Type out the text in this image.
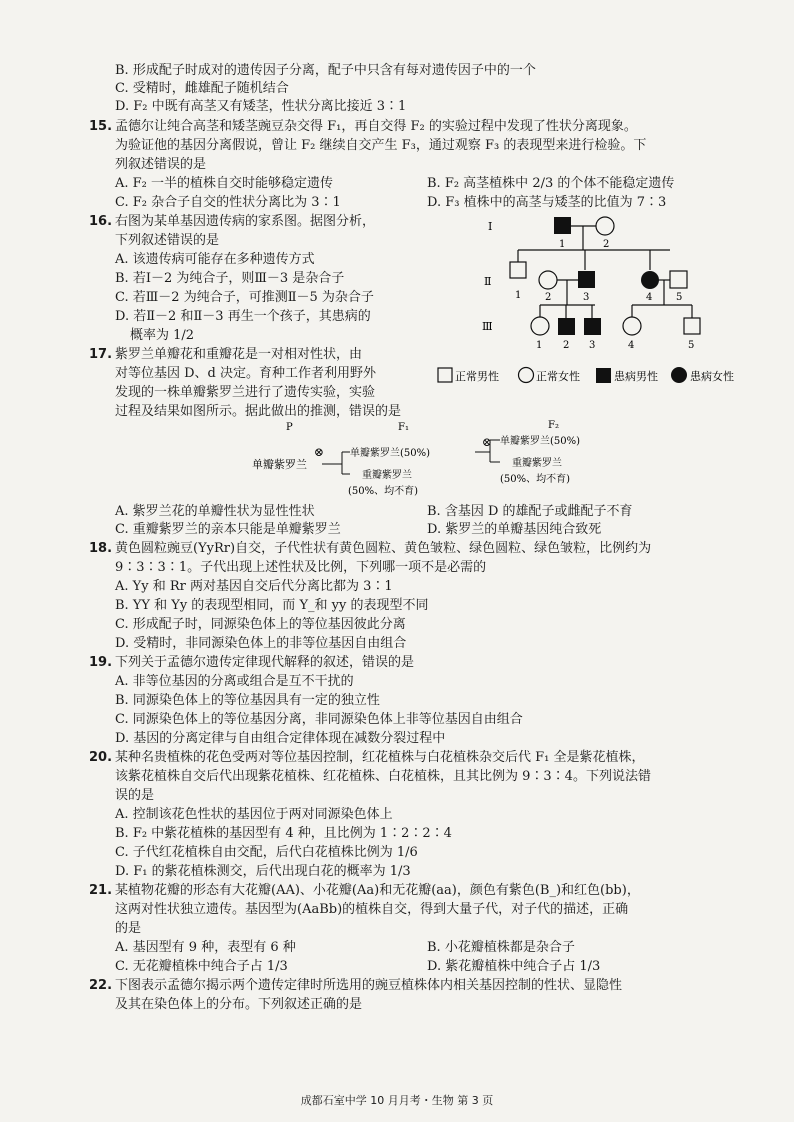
B. 形成配子时成对的遗传因子分离，配子中只含有每对遗传因子中的一个
C. 受精时，雌雄配子随机结合
D. F₂ 中既有高茎又有矮茎，性状分离比接近 3∶1
15. 孟德尔让纯合高茎和矮茎豌豆杂交得 F₁，再自交得 F₂ 的实验过程中发现了性状分离现象。
为验证他的基因分离假说，曾让 F₂ 继续自交产生 F₃，通过观察 F₃ 的表现型来进行检验。下
列叙述错误的是
A. F₂ 一半的植株自交时能够稳定遗传	B. F₂ 高茎植株中 2/3 的个体不能稳定遗传
C. F₂ 杂合子自交的性状分离比为 3∶1	D. F₃ 植株中的高茎与矮茎的比值为 7∶3
16. 右图为某单基因遗传病的家系图。据图分析，
下列叙述错误的是
A. 该遗传病可能存在多种遗传方式
B. 若Ⅰ－2 为纯合子，则Ⅲ－3 是杂合子
C. 若Ⅲ－2 为纯合子，可推测Ⅱ－5 为杂合子
D. 若Ⅱ－2 和Ⅱ－3 再生一个孩子，其患病的
概率为 1/2
Ⅰ
Ⅱ
Ⅲ
1	2
1 2	3	4 5
1 2 3	4	5
正常男性	正常女性	患病男性	患病女性
17. 紫罗兰单瓣花和重瓣花是一对相对性状，由
对等位基因 D、d 决定。育种工作者利用野外
发现的一株单瓣紫罗兰进行了遗传实验，实验
过程及结果如图所示。据此做出的推测，错误的是
P	F₁	F₂
单瓣紫罗兰
⊗
⊗
单瓣紫罗兰(50%)
重瓣紫罗兰
(50%、均不育)
单瓣紫罗兰(50%)
重瓣紫罗兰
(50%、均不育)
A. 紫罗兰花的单瓣性状为显性性状	B. 含基因 D 的雄配子或雌配子不育
C. 重瓣紫罗兰的亲本只能是单瓣紫罗兰	D. 紫罗兰的单瓣基因纯合致死
18. 黄色圆粒豌豆(YyRr)自交，子代性状有黄色圆粒、黄色皱粒、绿色圆粒、绿色皱粒，比例约为
9∶3∶3∶1。子代出现上述性状及比例，下列哪一项不是必需的
A. Yy 和 Rr 两对基因自交后代分离比都为 3∶1
B. YY 和 Yy 的表现型相同，而 Y_和 yy 的表现型不同
C. 形成配子时，同源染色体上的等位基因彼此分离
D. 受精时，非同源染色体上的非等位基因自由组合
19. 下列关于孟德尔遗传定律现代解释的叙述，错误的是
A. 非等位基因的分离或组合是互不干扰的
B. 同源染色体上的等位基因具有一定的独立性
C. 同源染色体上的等位基因分离，非同源染色体上非等位基因自由组合
D. 基因的分离定律与自由组合定律体现在减数分裂过程中
20. 某种名贵植株的花色受两对等位基因控制，红花植株与白花植株杂交后代 F₁ 全是紫花植株，
该紫花植株自交后代出现紫花植株、红花植株、白花植株，且其比例为 9∶3∶4。下列说法错
误的是
A. 控制该花色性状的基因位于两对同源染色体上
B. F₂ 中紫花植株的基因型有 4 种，且比例为 1∶2∶2∶4
C. 子代红花植株自由交配，后代白花植株比例为 1/6
D. F₁ 的紫花植株测交，后代出现白花的概率为 1/3
21. 某植物花瓣的形态有大花瓣(AA)、小花瓣(Aa)和无花瓣(aa)，颜色有紫色(B_)和红色(bb)，
这两对性状独立遗传。基因型为(AaBb)的植株自交，得到大量子代，对子代的描述，正确
的是
A. 基因型有 9 种，表型有 6 种	B. 小花瓣植株都是杂合子
C. 无花瓣植株中纯合子占 1/3	D. 紫花瓣植株中纯合子占 1/3
22. 下图表示孟德尔揭示两个遗传定律时所选用的豌豆植株体内相关基因控制的性状、显隐性
及其在染色体上的分布。下列叙述正确的是
成都石室中学 10 月月考・生物 第 3 页
